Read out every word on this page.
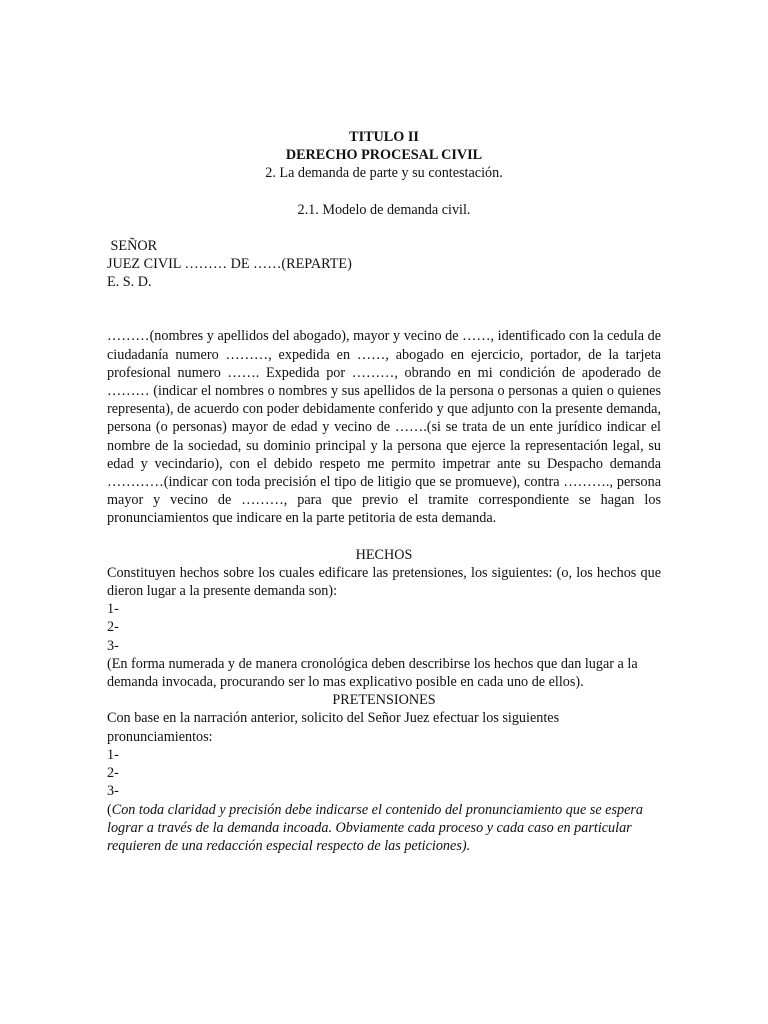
TITULO II
DERECHO PROCESAL CIVIL
2. La demanda de parte y su contestación.
2.1. Modelo de demanda civil.
SEÑOR
JUEZ CIVIL ……… DE ……(REPARTE)
E. S. D.

………(nombres y apellidos del abogado), mayor y vecino de ……, identificado con la cedula de ciudadanía numero ………, expedida en ……, abogado en ejercicio, portador, de la tarjeta profesional numero ……. Expedida por ………, obrando en mi condición de apoderado de ……… (indicar el nombres o nombres y sus apellidos de la persona o personas a quien o quienes representa), de acuerdo con poder debidamente conferido y que adjunto con la presente demanda, persona (o personas) mayor de edad y vecino de …….(si se trata de un ente jurídico indicar el nombre de la sociedad, su dominio principal y la persona que ejerce la representación legal, su edad y vecindario), con el debido respeto me permito impetrar ante su Despacho demanda …………(indicar con toda precisión el tipo de litigio que se promueve), contra ………., persona mayor y vecino de ………, para que previo el tramite correspondiente se hagan los pronunciamientos que indicare en la parte petitoria de esta demanda.

HECHOS

Constituyen hechos sobre los cuales edificare las pretensiones, los siguientes: (o, los hechos que dieron lugar a la presente demanda son):

1-
2-
3-

(En forma numerada y de manera cronológica deben describirse los hechos que dan lugar a la demanda invocada, procurando ser lo mas explicativo posible en cada uno de ellos).

PRETENSIONES

Con base en la narración anterior, solicito del Señor Juez efectuar los siguientes pronunciamientos:

1-
2-
3-

(Con toda claridad y precisión debe indicarse el contenido del pronunciamiento que se espera lograr a través de la demanda incoada. Obviamente cada proceso y cada caso en particular requieren de una redacción especial respecto de las peticiones).
